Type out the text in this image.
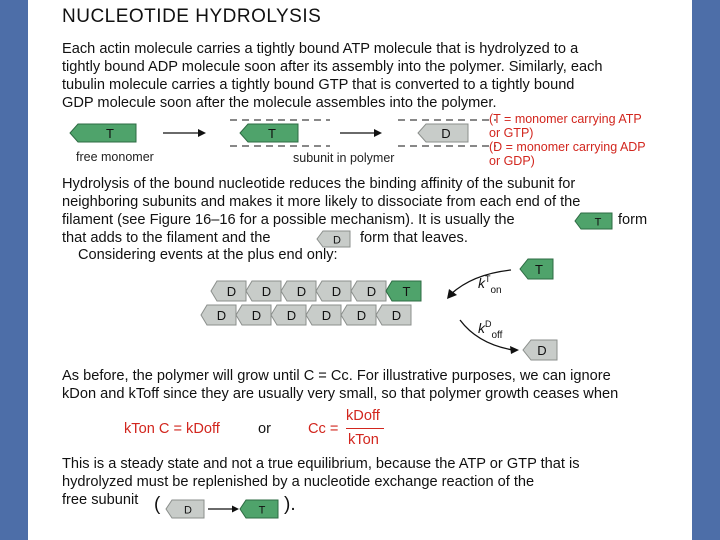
NUCLEOTIDE HYDROLYSIS
Each actin molecule carries a tightly bound ATP molecule that is hydrolyzed to a
tightly bound ADP molecule soon after its assembly into the polymer. Similarly, each
tubulin molecule carries a tightly bound GTP that is converted to a tightly bound
GDP molecule soon after the molecule assembles into the polymer.
T	T	D
free monomer	subunit in polymer
(T = monomer carrying ATP
or GTP)
(D = monomer carrying ADP
or GDP)
Hydrolysis of the bound nucleotide reduces the binding affinity of the subunit for
neighboring subunits and makes it more likely to dissociate from each end of the
filament (see Figure 16–16 for a possible mechanism). It is usually the	T form
that adds to the filament and the	D form that leaves.
Considering events at the plus end only:
D D D D D T
D D D D D D
T
D
$k^T_{on}$
$k^D_{off}$
As before, the polymer will grow until C = Cc. For illustrative purposes, we can ignore
kDon and kToff since they are usually very small, so that polymer growth ceases when
kTon C = kDoff	or	Cc =
kDoff
kTon
This is a steady state and not a true equilibrium, because the ATP or GTP that is
hydrolyzed must be replenished by a nucleotide exchange reaction of the
free subunit ( D	T ).
